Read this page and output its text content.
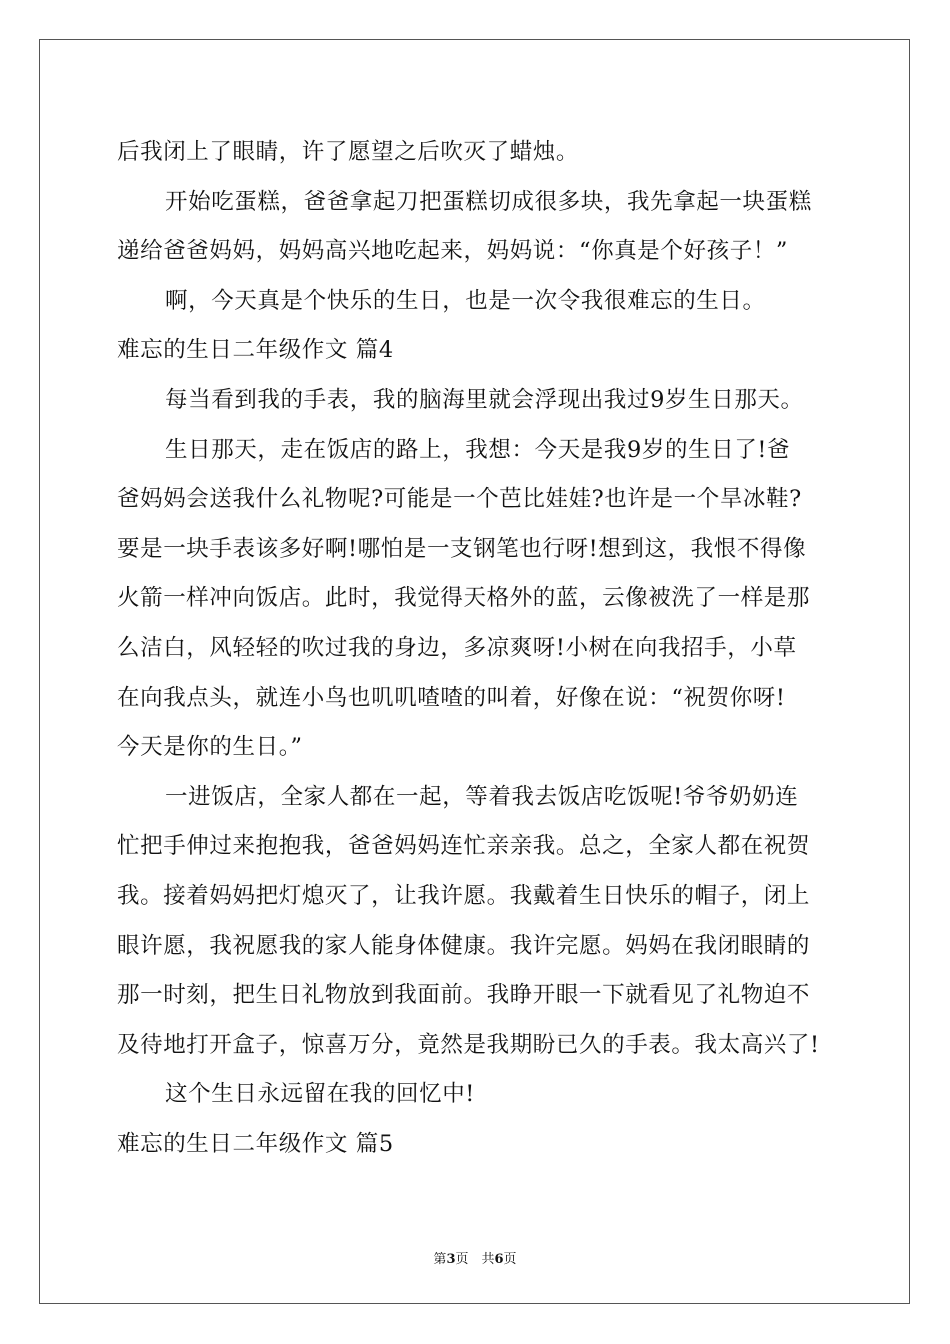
后我闭上了眼睛，许了愿望之后吹灭了蜡烛。
开始吃蛋糕，爸爸拿起刀把蛋糕切成很多块，我先拿起一块蛋糕
递给爸爸妈妈，妈妈高兴地吃起来，妈妈说：“你真是个好孩子！”
啊，今天真是个快乐的生日，也是一次令我很难忘的生日。
难忘的生日二年级作文 篇4
每当看到我的手表，我的脑海里就会浮现出我过9岁生日那天。
生日那天，走在饭店的路上，我想：今天是我9岁的生日了!爸
爸妈妈会送我什么礼物呢?可能是一个芭比娃娃?也许是一个旱冰鞋?
要是一块手表该多好啊!哪怕是一支钢笔也行呀!想到这，我恨不得像
火箭一样冲向饭店。此时，我觉得天格外的蓝，云像被洗了一样是那
么洁白，风轻轻的吹过我的身边，多凉爽呀!小树在向我招手，小草
在向我点头，就连小鸟也叽叽喳喳的叫着，好像在说：“祝贺你呀!
今天是你的生日。”
一进饭店，全家人都在一起，等着我去饭店吃饭呢!爷爷奶奶连
忙把手伸过来抱抱我，爸爸妈妈连忙亲亲我。总之，全家人都在祝贺
我。接着妈妈把灯熄灭了，让我许愿。我戴着生日快乐的帽子，闭上
眼许愿，我祝愿我的家人能身体健康。我许完愿。妈妈在我闭眼睛的
那一时刻，把生日礼物放到我面前。我睁开眼一下就看见了礼物迫不
及待地打开盒子，惊喜万分，竟然是我期盼已久的手表。我太高兴了!
这个生日永远留在我的回忆中!
难忘的生日二年级作文 篇5
第3页　共6页
